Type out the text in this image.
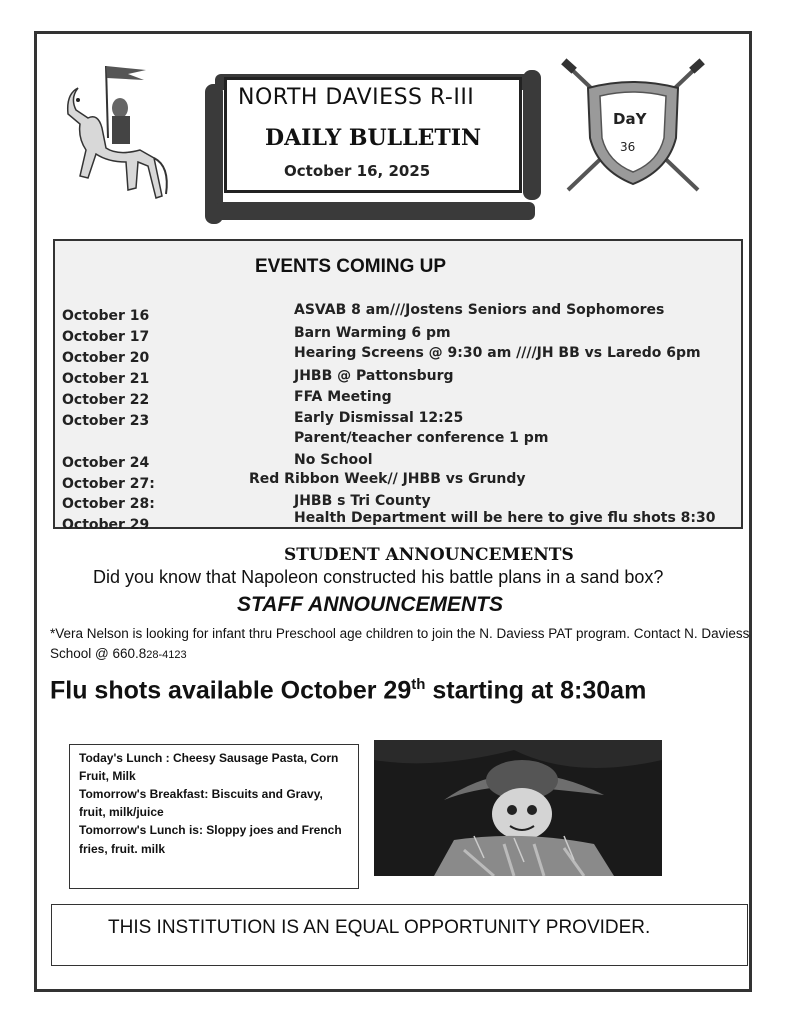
DaY
36
NORTH DAVIESS R-III
DAILY BULLETIN
October 16, 2025
EVENTS COMING UP
October 16	ASVAB 8 am///Jostens Seniors and Sophomores
October 17	Barn Warming 6 pm
October 20	Hearing Screens @ 9:30 am ////JH BB vs Laredo 6pm
October 21	JHBB @ Pattonsburg
October 22	FFA Meeting
October 23	Early Dismissal 12:25
Parent/teacher conference 1 pm
October 24	No School
October 27:	Red Ribbon Week// JHBB vs Grundy
October 28:	JHBB s Tri County
October 29	Health Department will be here to give flu shots 8:30
STUDENT ANNOUNCEMENTS
Did you know that Napoleon constructed his battle plans in a sand box?
STAFF ANNOUNCEMENTS
*Vera Nelson is looking for infant thru Preschool age children to join the N. Daviess PAT program. Contact N. Daviess School @ 660.828-4123
Flu shots available October 29th starting at 8:30am
Today's Lunch : Cheesy Sausage Pasta, Corn
Fruit, Milk
Tomorrow's Breakfast: Biscuits and Gravy,
fruit, milk/juice
Tomorrow's Lunch is: Sloppy joes and French
fries, fruit. milk
THIS INSTITUTION IS AN EQUAL OPPORTUNITY PROVIDER.
